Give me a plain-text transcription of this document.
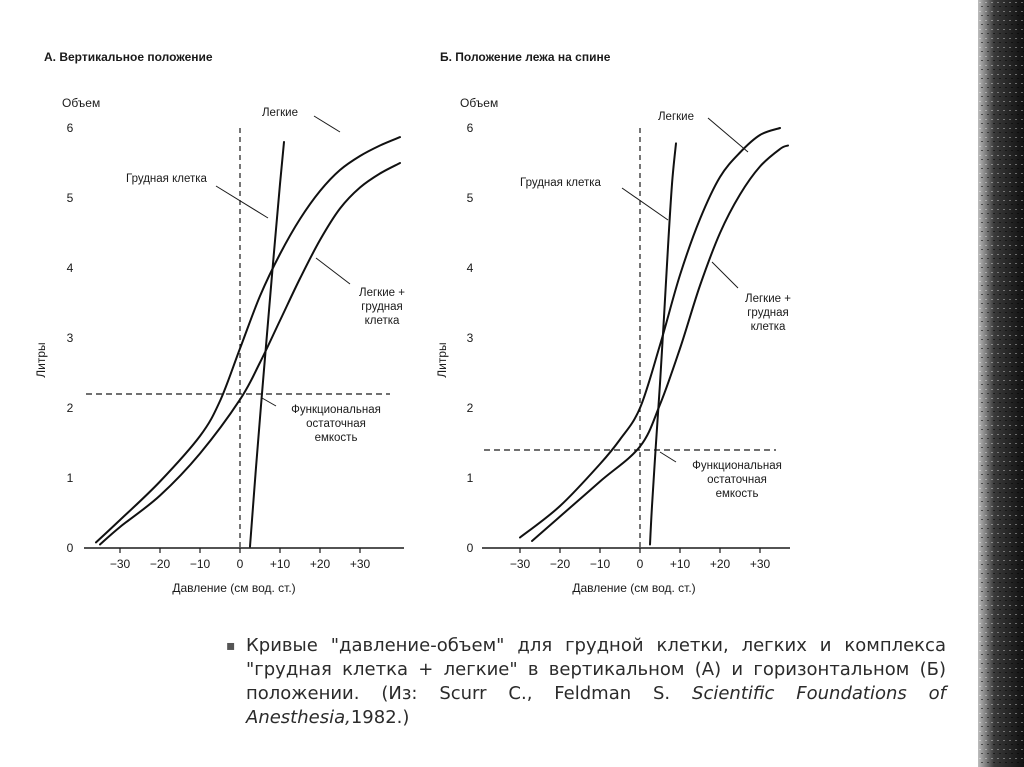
А. Вертикальное положение
Объем
Литры
Давление (см вод. ст.)
−30 −20 −10 0 +10 +20 +30
0
1
2
3
4
5
6
Легкие
Грудная клетка
Легкие +
грудная
клетка
Функциональная
остаточная
емкость
Б. Положение лежа на спине
Объем
Литры
Давление (см вод. ст.)
−30 −20 −10 0 +10 +20 +30
0
1
2
3
4
5
6
Легкие
Грудная клетка
Легкие +
грудная
клетка
Функциональная
остаточная
емкость
▪ Кривые "давление-объем" для грудной клетки, легких и комплекса "грудная клетка + легкие" в вертикальном (А) и горизонтальном (Б) положении. (Из: Scurr C., Feldman S. Scientific Foundations of Anesthesia,1982.)
